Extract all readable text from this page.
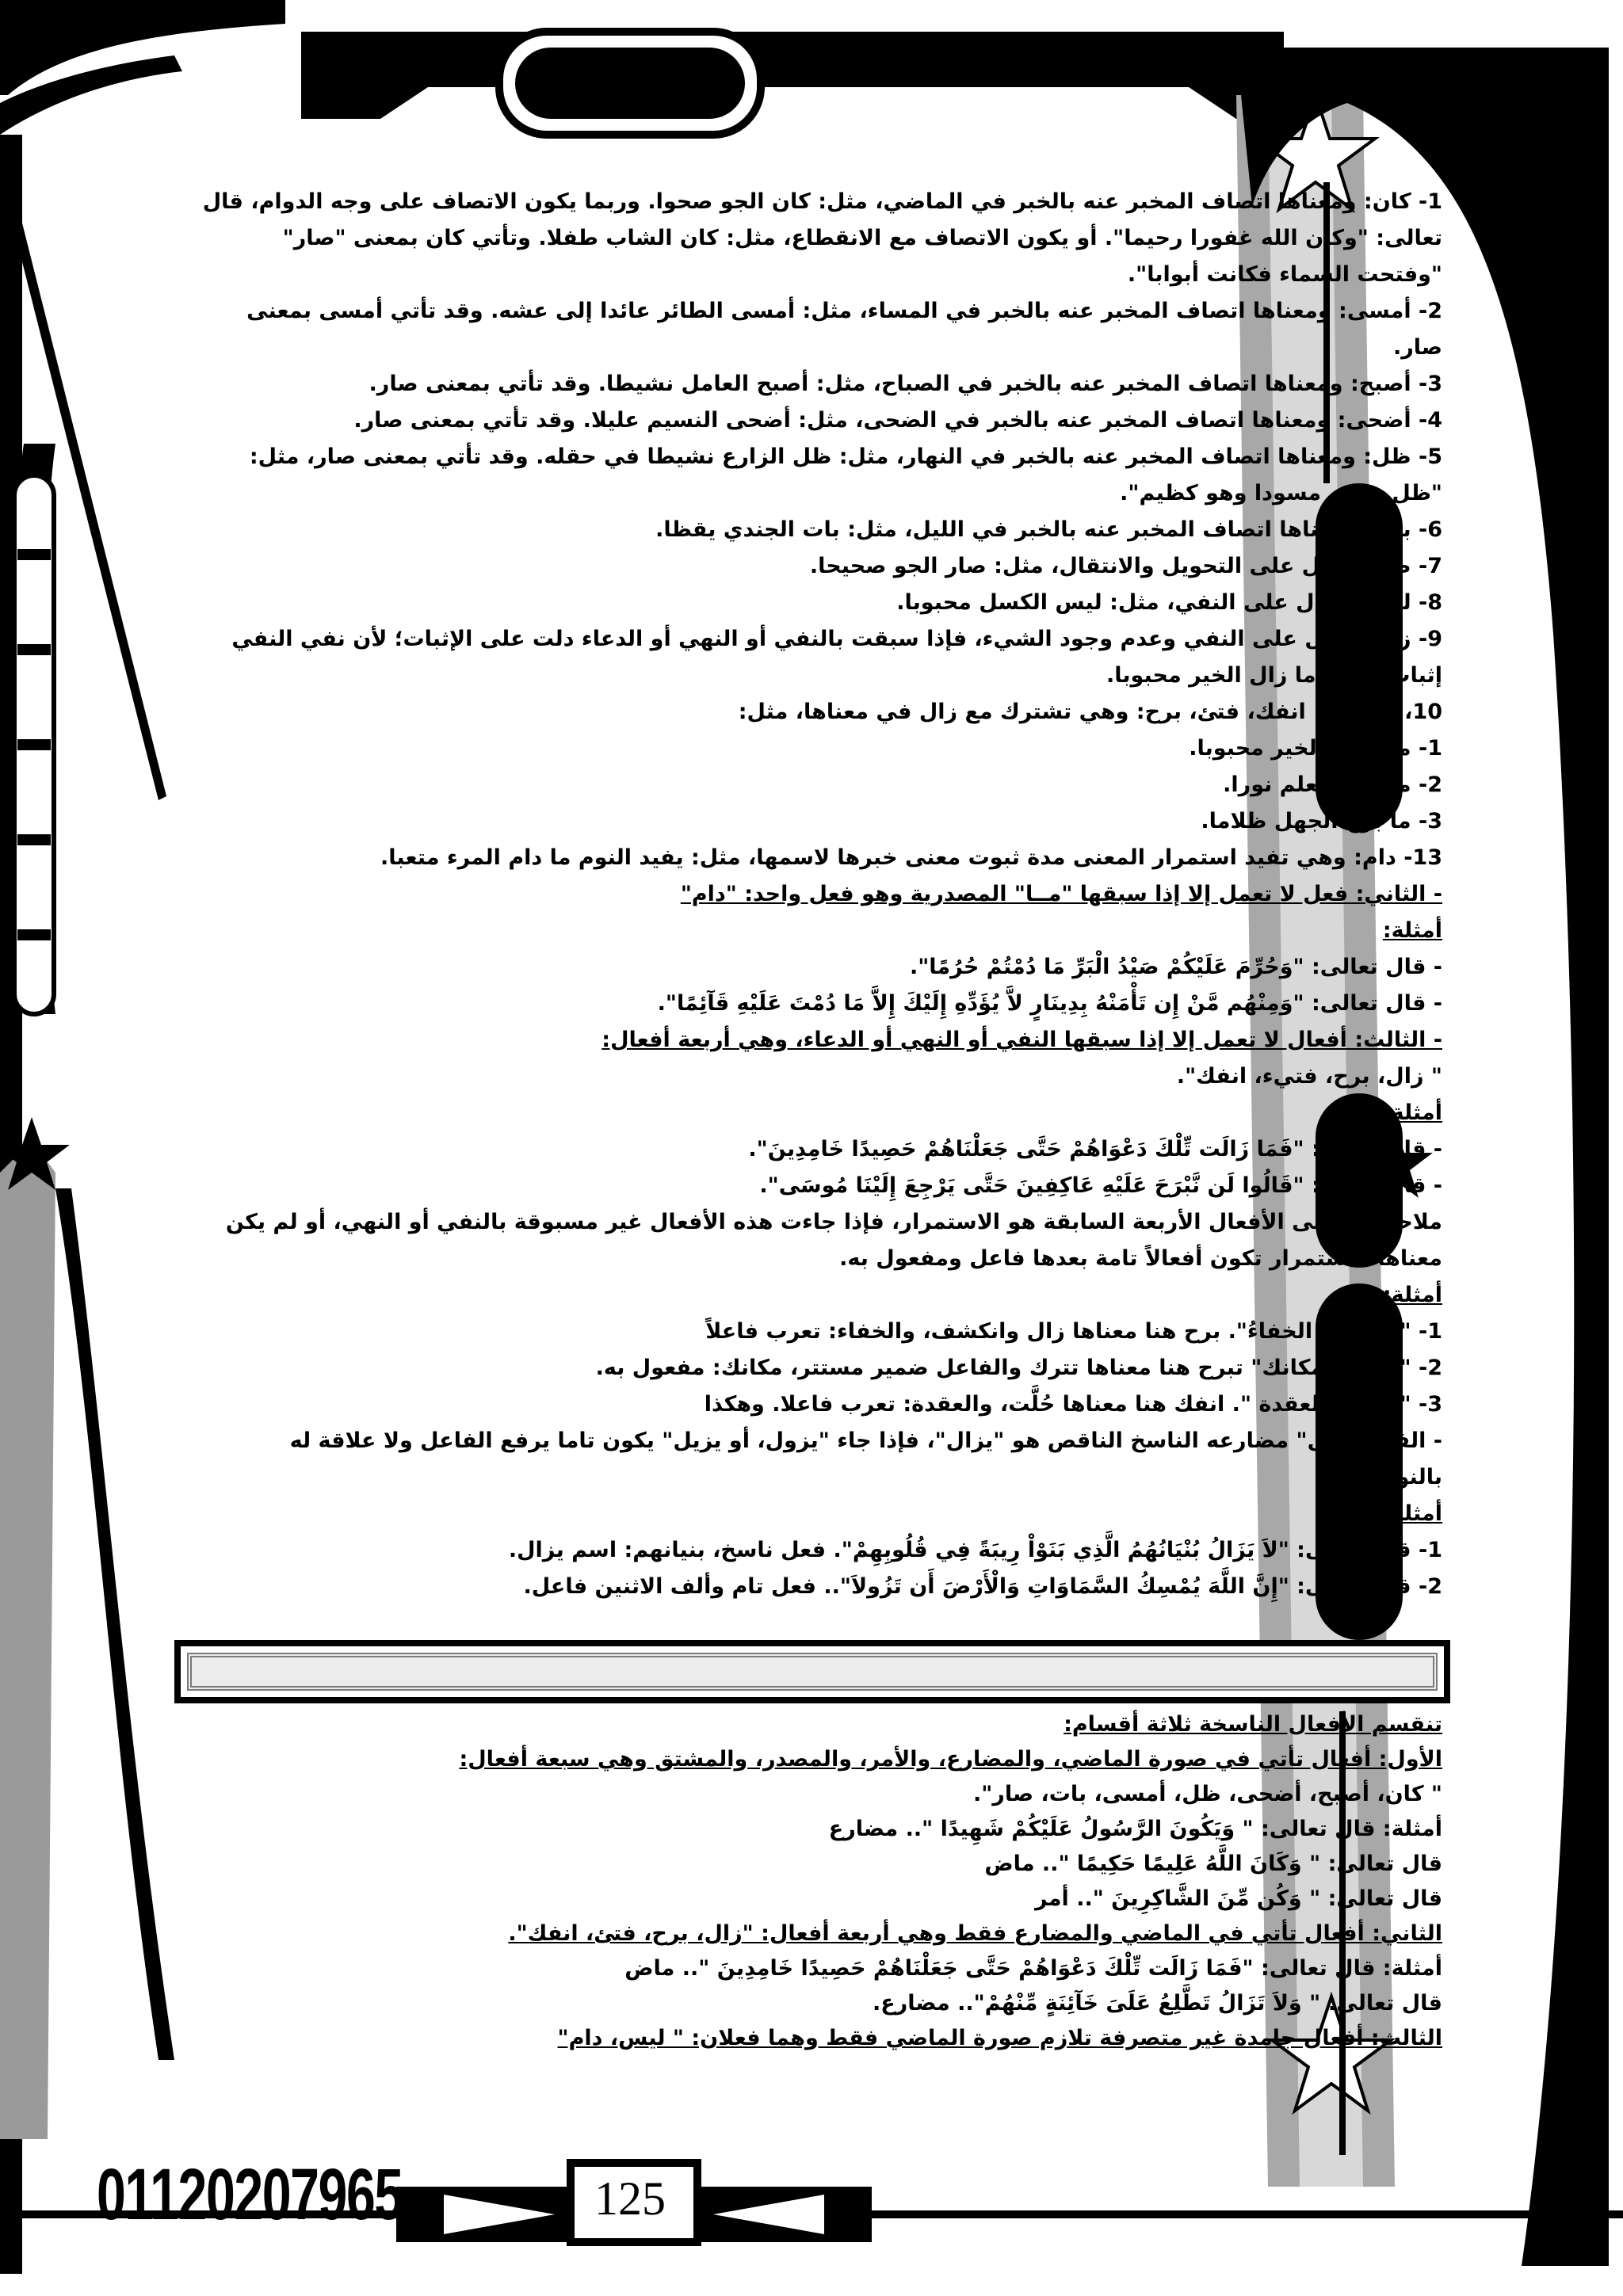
1- كان: ومعناها اتصاف المخبر عنه بالخبر في الماضي، مثل: كان الجو صحوا. وربما يكون الاتصاف على وجه الدوام، قال تعالى: "وكان الله غفورا رحيما". أو يكون الاتصاف مع الانقطاع، مثل: كان الشاب طفلا. وتأتي كان بمعنى "صار" "وفتحت السماء فكانت أبوابا".

2- أمسى: ومعناها اتصاف المخبر عنه بالخبر في المساء، مثل: أمسى الطائر عائدا إلى عشه. وقد تأتي أمسى بمعنى صار.

3- أصبح: ومعناها اتصاف المخبر عنه بالخبر في الصباح، مثل: أصبح العامل نشيطا. وقد تأتي بمعنى صار.

4- أضحى: ومعناها اتصاف المخبر عنه بالخبر في الضحى، مثل: أضحى النسيم عليلا. وقد تأتي بمعنى صار.

5- ظل: ومعناها اتصاف المخبر عنه بالخبر في النهار، مثل: ظل الزارع نشيطا في حقله. وقد تأتي بمعنى صار، مثل: "ظل وجهه مسودا وهو كظيم".

6- بات: ومعناها اتصاف المخبر عنه بالخبر في الليل، مثل: بات الجندي يقظا.

7- صار: وتدل على التحويل والانتقال، مثل: صار الجو صحيحا.

8- ليس: وتدل على النفي، مثل: ليس الكسل محبوبا.

9- زال: وتدل على النفي وعدم وجود الشيء، فإذا سبقت بالنفي أو النهي أو الدعاء دلت على الإثبات؛ لأن نفي النفي إثبات، مثل: ما زال الخير محبوبا.

10، 11، 12: انفك، فتئ، برح: وهي تشترك مع زال في معناها، مثل:

1- ما انفك الخير محبوبا.

2- ما فتئ العلم نورا.

3- ما برح الجهل ظلاما.

13- دام: وهي تفيد استمرار المعنى مدة ثبوت معنى خبرها لاسمها، مثل: يفيد النوم ما دام المرء متعبا.

- الثاني: فعل لا تعمل إلا إذا سبقها "مــا" المصدرية وهو فعل واحد: "دام"

أمثلة:

- قال تعالى: "وَحُرِّمَ عَلَيْكُمْ صَيْدُ الْبَرِّ مَا دُمْتُمْ حُرُمًا".

- قال تعالى: "وَمِنْهُم مَّنْ إِن تَأْمَنْهُ بِدِينَارٍ لاَّ يُؤَدِّهِ إِلَيْكَ إِلاَّ مَا دُمْتَ عَلَيْهِ قَآئِمًا".

- الثالث: أفعال لا تعمل إلا إذا سبقها النفي أو النهي أو الدعاء، وهي أربعة أفعال:

" زال، برح، فتيء، انفك".

أمثلة:

- قال تعالى: "فَمَا زَالَت تِّلْكَ دَعْوَاهُمْ حَتَّى جَعَلْنَاهُمْ حَصِيدًا خَامِدِينَ".

- قال تعالى: "قَالُوا لَن نَّبْرَحَ عَلَيْهِ عَاكِفِينَ حَتَّى يَرْجِعَ إِلَيْنَا مُوسَى".

ملاحظة: معنى الأفعال الأربعة السابقة هو الاستمرار، فإذا جاءت هذه الأفعال غير مسبوقة بالنفي أو النهي، أو لم يكن معناها الاستمرار تكون أفعالاً تامة بعدها فاعل ومفعول به.

أمثلة:

1- "لقد برح الخفاءُ". برح هنا معناها زال وانكشف، والخفاء: تعرب فاعلاً

2- "لا تبرح مكانك" تبرح هنا معناها تترك والفاعل ضمير مستتر، مكانك: مفعول به.

3- "انفكت العقدة ". انفك هنا معناها حُلَّت، والعقدة: تعرب فاعلا. وهكذا

- الفعل "زال" مضارعه الناسخ الناقص هو "يزال"، فإذا جاء "يزول، أو يزيل" يكون تاما يرفع الفاعل ولا علاقة له بالنواسخ.

أمثلة:

1- قال تعالى: "لاَ يَزَالُ بُنْيَانُهُمُ الَّذِي بَنَوْاْ رِيبَةً فِي قُلُوبِهِمْ". فعل ناسخ، بنيانهم: اسم يزال.

2- قال تعالى: "إِنَّ اللَّهَ يُمْسِكُ السَّمَاوَاتِ وَالْأَرْضَ أَن تَزُولاَ".. فعل تام وألف الاثنين فاعل.

تنقسم الأفعال الناسخة ثلاثة أقسام:

الأول: أفعال تأتي في صورة الماضي، والمضارع، والأمر، والمصدر، والمشتق وهي سبعة أفعال:

" كان، أصبح، أضحى، ظل، أمسى، بات، صار".

أمثلة: قال تعالى: " وَيَكُونَ الرَّسُولُ عَلَيْكُمْ شَهِيدًا ".. مضارع

قال تعالى: " وَكَانَ اللَّهُ عَلِيمًا حَكِيمًا ".. ماض

قال تعالى: " وَكُن مِّنَ الشَّاكِرِينَ ".. أمر

الثاني: أفعال تأتي في الماضي والمضارع فقط وهي أربعة أفعال: "زال، برح، فتئ، انفك".

أمثلة: قال تعالى: "فَمَا زَالَت تِّلْكَ دَعْوَاهُمْ حَتَّى جَعَلْنَاهُمْ حَصِيدًا خَامِدِينَ ".. ماض

قال تعالى: " وَلاَ تَزَالُ تَطَّلِعُ عَلَىَ خَآئِنَةٍ مِّنْهُمْ".. مضارع.

الثالث: أفعال جامدة غير متصرفة تلازم صورة الماضي فقط وهما فعلان: " ليس، دام"

01120207965	125
